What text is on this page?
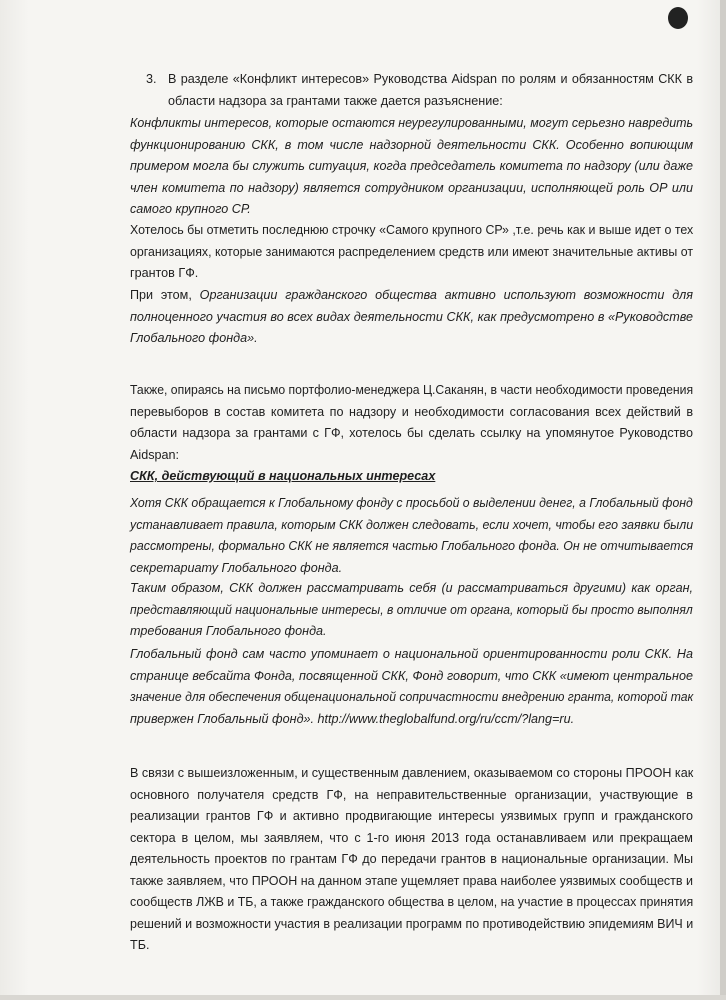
3. В разделе «Конфликт интересов» Руководства Aidspan по ролям и обязанностям СКК в
области надзора за грантами также дается разъяснение:
Конфликты интересов, которые остаются неурегулированными, могут серьезно навредить
функционированию СКК, в том числе надзорной деятельности СКК. Особенно вопиющим
примером могла бы служить ситуация, когда председатель комитета по надзору (или даже
член комитета по надзору) является сотрудником организации, исполняющей роль ОР или
самого крупного СР.
Хотелось бы отметить последнюю строчку «Самого крупного СР» ,т.е. речь как и выше идет о тех
организациях, которые занимаются распределением средств или имеют значительные активы от
грантов ГФ.
При этом, Организации гражданского общества активно используют возможности для
полноценного участия во всех видах деятельности СКК, как предусмотрено в «Руководстве
Глобального фонда».
Также, опираясь на письмо портфолио-менеджера Ц.Саканян, в части необходимости проведения
перевыборов в состав комитета по надзору и необходимости согласования всех действий в
области надзора за грантами с ГФ, хотелось бы сделать ссылку на упомянутое Руководство
Aidspan:
СКК, действующий в национальных интересах
Хотя СКК обращается к Глобальному фонду с просьбой о выделении денег, а Глобальный фонд
устанавливает правила, которым СКК должен следовать, если хочет, чтобы его заявки были
рассмотрены, формально СКК не является частью Глобального фонда. Он не отчитывается
секретариату Глобального фонда.
Таким образом, СКК должен рассматривать себя (и рассматриваться другими) как орган,
представляющий национальные интересы, в отличие от органа, который бы просто выполнял
требования Глобального фонда.
Глобальный фонд сам часто упоминает о национальной ориентированности роли СКК. На
странице вебсайта Фонда, посвященной СКК, Фонд говорит, что СКК «имеют центральное
значение для обеспечения общенациональной сопричастности внедрению гранта, которой так
привержен Глобальный фонд». http://www.theglobalfund.org/ru/ccm/?lang=ru.
В связи с вышеизложенным, и существенным давлением, оказываемом со стороны ПРООН как
основного получателя средств ГФ, на неправительственные организации, участвующие в
реализации грантов ГФ и активно продвигающие интересы уязвимых групп и гражданского
сектора в целом, мы заявляем, что с 1-го июня 2013 года останавливаем или прекращаем
деятельность проектов по грантам ГФ до передачи грантов в национальные организации. Мы
также заявляем, что ПРООН на данном этапе ущемляет права наиболее уязвимых сообществ и
сообществ ЛЖВ и ТБ, а также гражданского общества в целом, на участие в процессах принятия
решений и возможности участия в реализации программ по противодействию эпидемиям ВИЧ и
ТБ.
